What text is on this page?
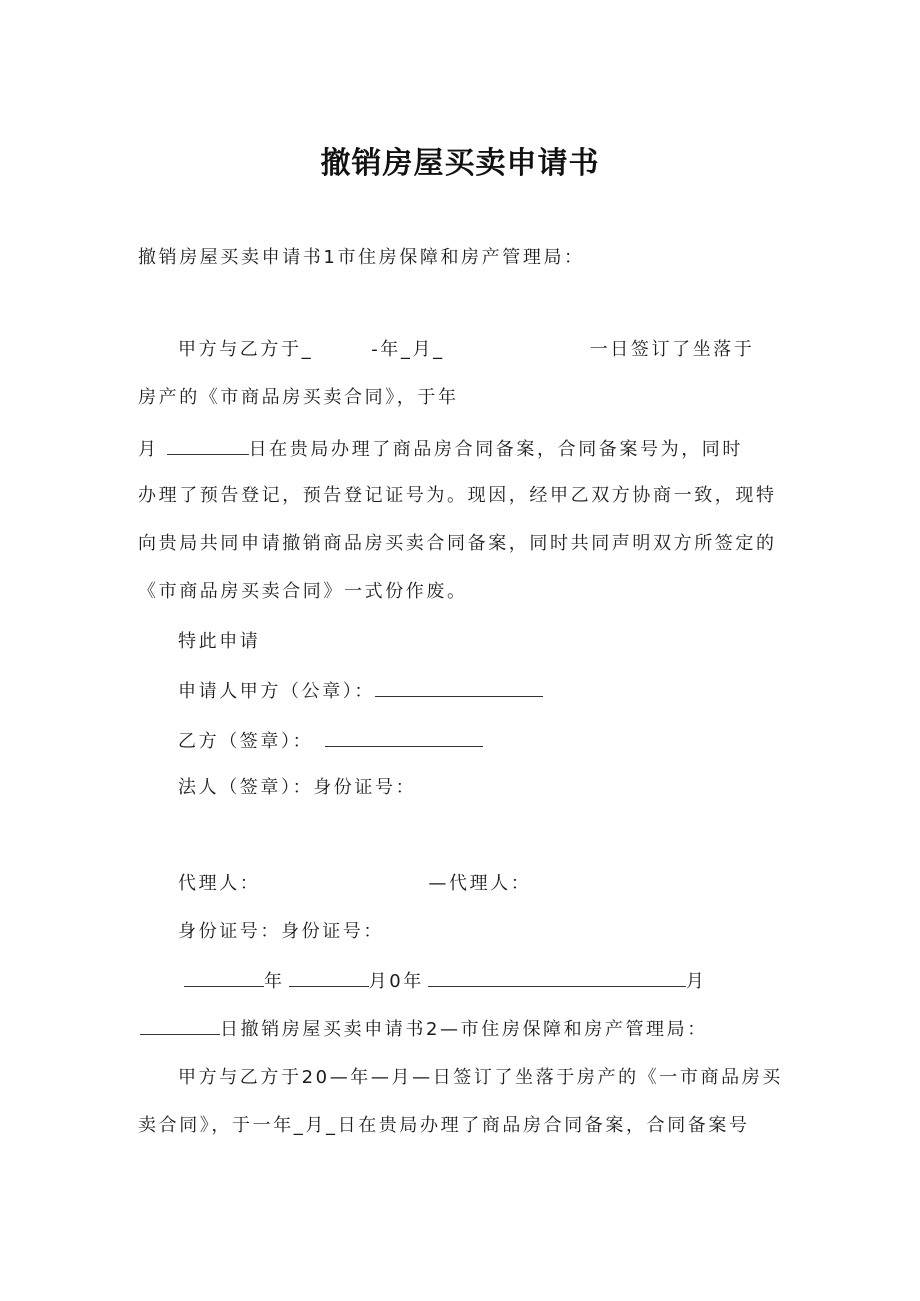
撤销房屋买卖申请书
撤销房屋买卖申请书1市住房保障和房产管理局：
甲方与乙方于_	-年_月_	一日签订了坐落于
房产的《市商品房买卖合同》，于年
月	日在贵局办理了商品房合同备案，合同备案号为，同时
办理了预告登记，预告登记证号为。现因，经甲乙双方协商一致，现特
向贵局共同申请撤销商品房买卖合同备案，同时共同声明双方所签定的
《市商品房买卖合同》一式份作废。
特此申请
申请人甲方（公章）：
乙方（签章）：
法人（签章）：身份证号：
代理人：	—代理人：
身份证号：身份证号：
年	月0年	月
日撤销房屋买卖申请书2—市住房保障和房产管理局：
甲方与乙方于20—年—月—日签订了坐落于房产的《一市商品房买
卖合同》，于一年_月_日在贵局办理了商品房合同备案，合同备案号
